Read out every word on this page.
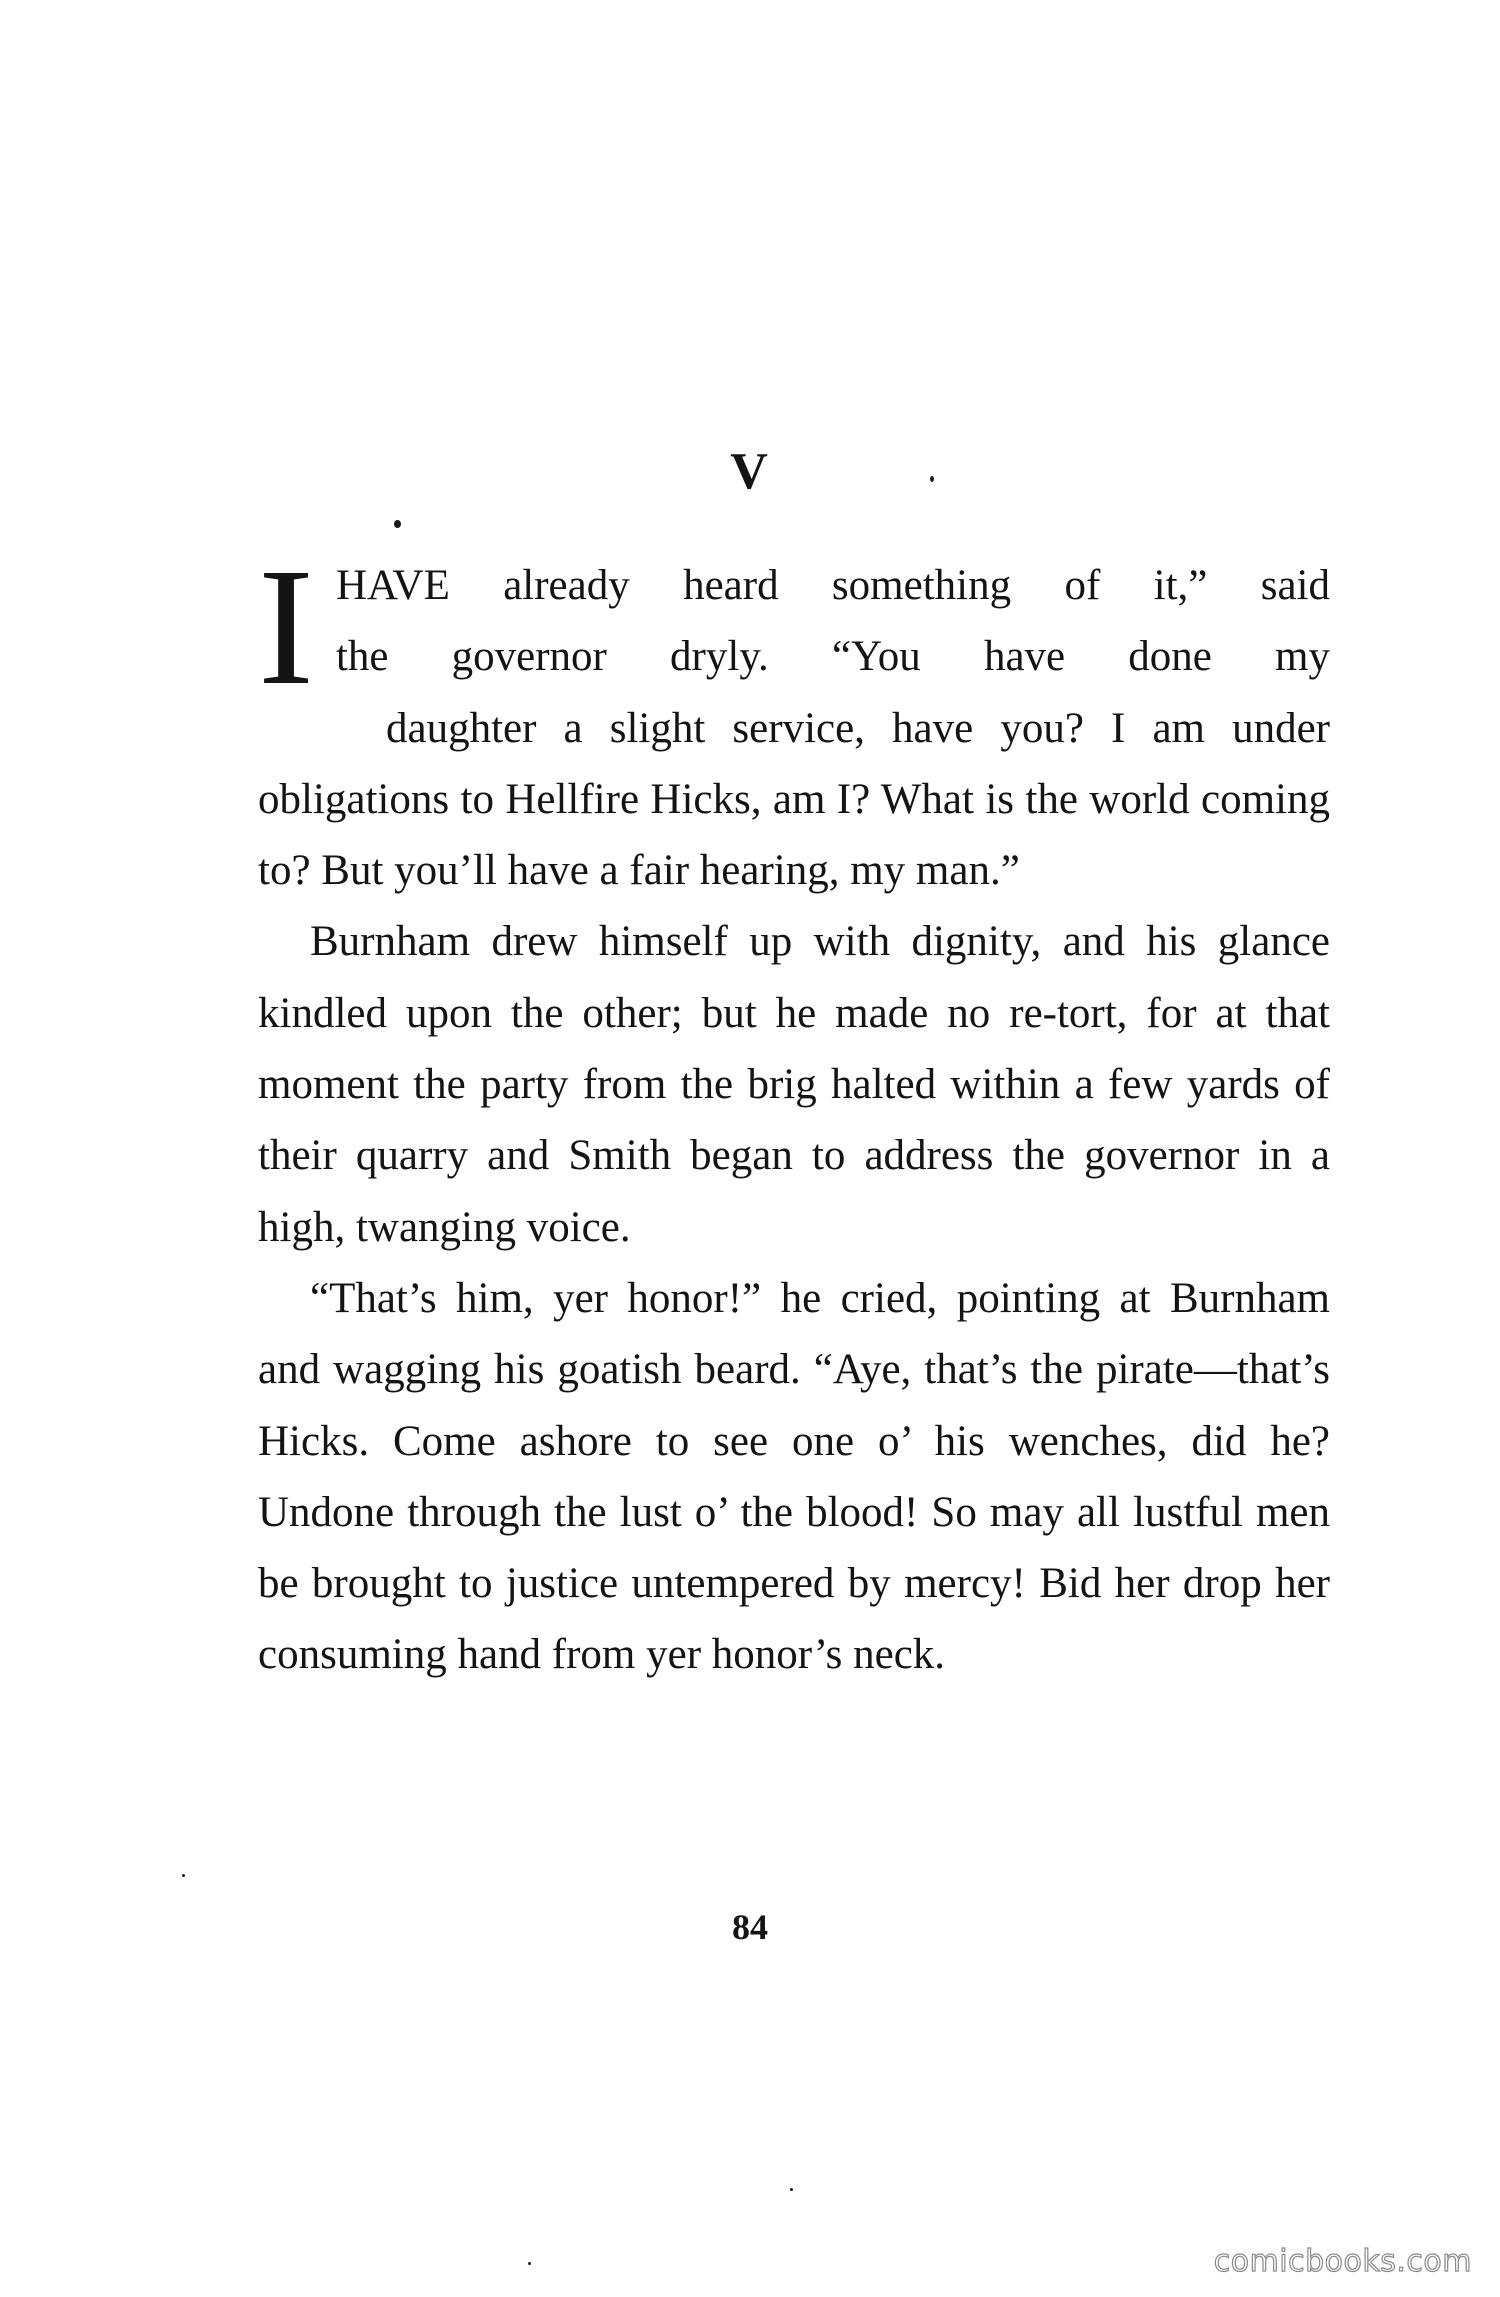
V
I HAVE already heard something of it,” said
the governor dryly. “You have done my
daughter a slight service, have you? I am under obligations to Hellfire Hicks, am I? What is the world coming to? But you’ll have a fair hearing, my man.”

Burnham drew himself up with dignity, and his glance kindled upon the other; but he made no re-tort, for at that moment the party from the brig halted within a few yards of their quarry and Smith began to address the governor in a high, twanging voice.

“That’s him, yer honor!” he cried, pointing at Burnham and wagging his goatish beard. “Aye, that’s the pirate—that’s Hicks. Come ashore to see one o’ his wenches, did he? Undone through the lust o’ the blood! So may all lustful men be brought to justice untempered by mercy! Bid her drop her consuming hand from yer honor’s neck.

84
comicbooks.com
